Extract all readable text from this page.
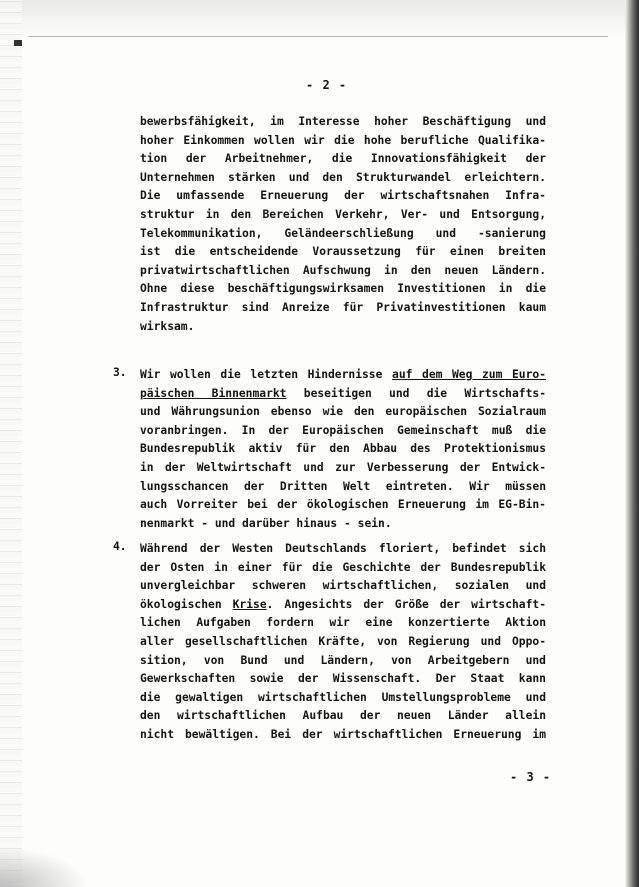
- 2 -
bewerbsfähigkeit, im Interesse hoher Beschäftigung und
hoher Einkommen wollen wir die hohe berufliche Qualifika-
tion der Arbeitnehmer, die Innovationsfähigkeit der
Unternehmen stärken und den Strukturwandel erleichtern.
Die umfassende Erneuerung der wirtschaftsnahen Infra-
struktur in den Bereichen Verkehr, Ver- und Entsorgung,
Telekommunikation, Geländeerschließung und -sanierung
ist die entscheidende Voraussetzung für einen breiten
privatwirtschaftlichen Aufschwung in den neuen Ländern.
Ohne diese beschäftigungswirksamen Investitionen in die
Infrastruktur sind Anreize für Privatinvestitionen kaum
wirksam.
3. Wir wollen die letzten Hindernisse auf dem Weg zum Euro-
päischen Binnenmarkt beseitigen und die Wirtschafts-
und Währungsunion ebenso wie den europäischen Sozialraum
voranbringen. In der Europäischen Gemeinschaft muß die
Bundesrepublik aktiv für den Abbau des Protektionismus
in der Weltwirtschaft und zur Verbesserung der Entwick-
lungsschancen der Dritten Welt eintreten. Wir müssen
auch Vorreiter bei der ökologischen Erneuerung im EG-Bin-
nenmarkt - und darüber hinaus - sein.
4. Während der Westen Deutschlands floriert, befindet sich
der Osten in einer für die Geschichte der Bundesrepublik
unvergleichbar schweren wirtschaftlichen, sozialen und
ökologischen Krise. Angesichts der Größe der wirtschaft-
lichen Aufgaben fordern wir eine konzertierte Aktion
aller gesellschaftlichen Kräfte, von Regierung und Oppo-
sition, von Bund und Ländern, von Arbeitgebern und
Gewerkschaften sowie der Wissenschaft. Der Staat kann
die gewaltigen wirtschaftlichen Umstellungsprobleme und
den wirtschaftlichen Aufbau der neuen Länder allein
nicht bewältigen. Bei der wirtschaftlichen Erneuerung im
- 3 -
